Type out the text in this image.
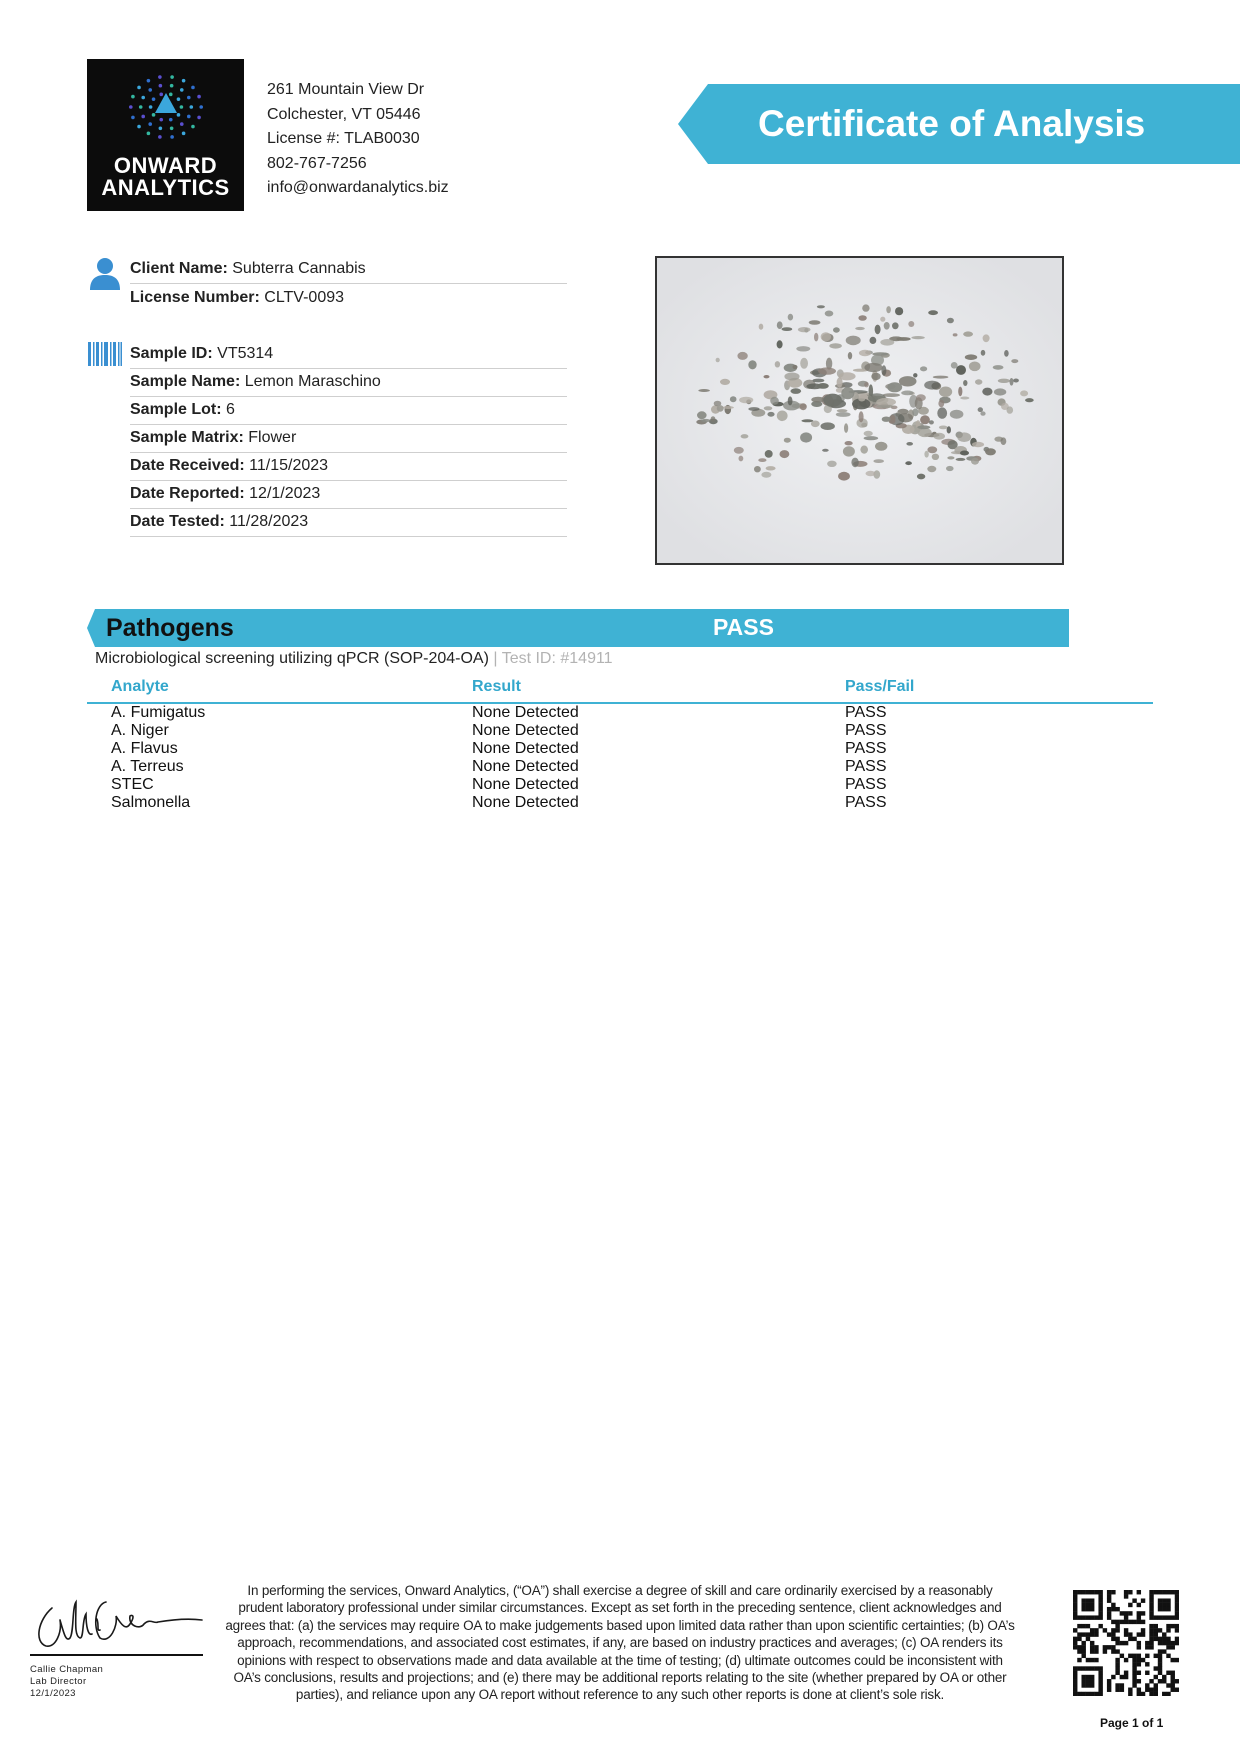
ONWARD
ANALYTICS
261 Mountain View Dr
Colchester, VT 05446
License #: TLAB0030
802-767-7256
info@onwardanalytics.biz
Certificate of Analysis
Client Name: Subterra Cannabis
License Number: CLTV-0093
Sample ID: VT5314
Sample Name: Lemon Maraschino
Sample Lot: 6
Sample Matrix: Flower
Date Received: 11/15/2023
Date Reported: 12/1/2023
Date Tested: 11/28/2023
Pathogens	PASS
Microbiological screening utilizing qPCR (SOP-204-OA) | Test ID: #14911
Analyte	Result	Pass/Fail
A. Fumigatus	None Detected	PASS
A. Niger	None Detected	PASS
A. Flavus	None Detected	PASS
A. Terreus	None Detected	PASS
STEC	None Detected	PASS
Salmonella	None Detected	PASS
Callie Chapman
Lab Director
12/1/2023
In performing the services, Onward Analytics, (“OA”) shall exercise a degree of skill and care ordinarily exercised by a reasonably prudent laboratory professional under similar circumstances. Except as set forth in the preceding sentence, client acknowledges and agrees that: (a) the services may require OA to make judgements based upon limited data rather than upon scientific certainties; (b) OA’s approach, recommendations, and associated cost estimates, if any, are based on industry practices and averages; (c) OA renders its opinions with respect to observations made and data available at the time of testing; (d) ultimate outcomes could be inconsistent with OA’s conclusions, results and projections; and (e) there may be additional reports relating to the site (whether prepared by OA or other parties), and reliance upon any OA report without reference to any such other reports is done at client’s sole risk.
Page 1 of 1
